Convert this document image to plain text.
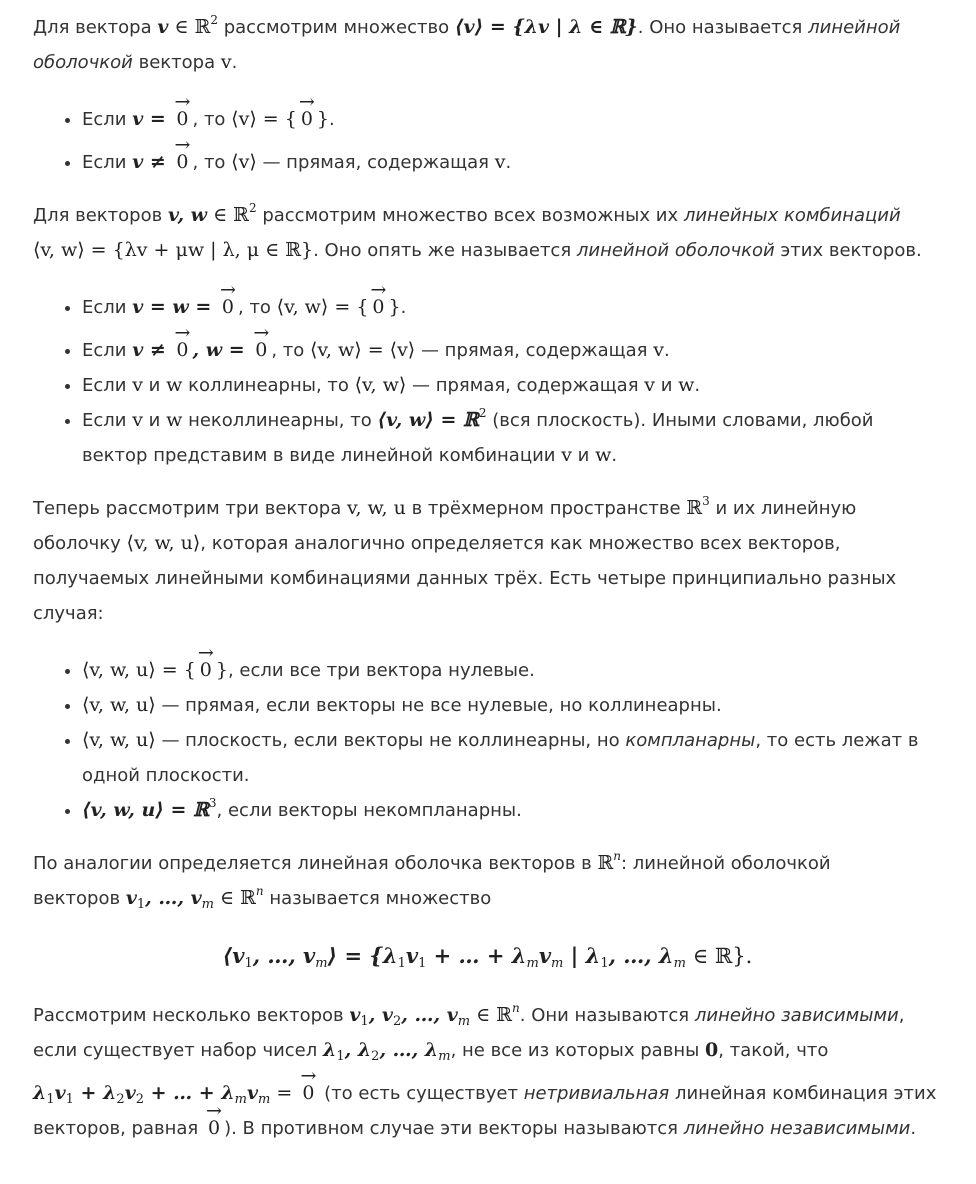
Для вектора v ∈ ℝ$^2$ рассмотрим множество ⟨v⟩ = {λv | λ ∈ ℝ}. Оно называется линейной оболочкой вектора v.

• Если v = → 0 , то ⟨v⟩ = { → 0 }.
• Если v ≠ → 0 , то ⟨v⟩ — прямая, содержащая v.

Для векторов v, w ∈ ℝ$^2$ рассмотрим множество всех возможных их линейных комбинаций
⟨v, w⟩ = {λv + μw | λ, μ ∈ ℝ}. Оно опять же называется линейной оболочкой этих векторов.

• Если v = w = → 0 , то ⟨v, w⟩ = { → 0 }.
• Если v ≠ → 0 , w = → 0 , то ⟨v, w⟩ = ⟨v⟩ — прямая, содержащая v.
• Если v и w коллинеарны, то ⟨v, w⟩ — прямая, содержащая v и w.
• Если v и w неколлинеарны, то ⟨v, w⟩ = ℝ$^2$ (вся плоскость). Иными словами, любой вектор представим в виде линейной комбинации v и w.

Теперь рассмотрим три вектора v, w, u в трёхмерном пространстве ℝ$^3$ и их линейную оболочку ⟨v, w, u⟩, которая аналогично определяется как множество всех векторов, получаемых линейными комбинациями данных трёх. Есть четыре принципиально разных случая:

• ⟨v, w, u⟩ = { → 0 }, если все три вектора нулевые.
• ⟨v, w, u⟩ — прямая, если векторы не все нулевые, но коллинеарны.
• ⟨v, w, u⟩ — плоскость, если векторы не коллинеарны, но компланарны, то есть лежат в одной плоскости.
• ⟨v, w, u⟩ = ℝ$^3$, если векторы некомпланарны.

По аналогии определяется линейная оболочка векторов в ℝ$^n$: линейной оболочкой
векторов $v_1$, …, $v_m$ ∈ ℝ$^n$ называется множество

$⟨v_1$, …, $v_m⟩ = \{\lambda_1v_1$ + … + $\lambda_mv_m$ | $\lambda_1$, …, $\lambda_m$ ∈ ℝ}.

Рассмотрим несколько векторов $v_1$, $v_2$, …, $v_m$ ∈ ℝ$^n$. Они называются линейно зависимыми, если существует набор чисел $\lambda_1$, $\lambda_2$, …, $\lambda_m$, не все из которых равны 0, такой, что
$\lambda_1v_1 + \lambda_2v_2$ + … + $\lambda_mv_m$ = → 0 (то есть существует нетривиальная линейная комбинация этих векторов, равная → 0 ). В противном случае эти векторы называются линейно независимыми.
